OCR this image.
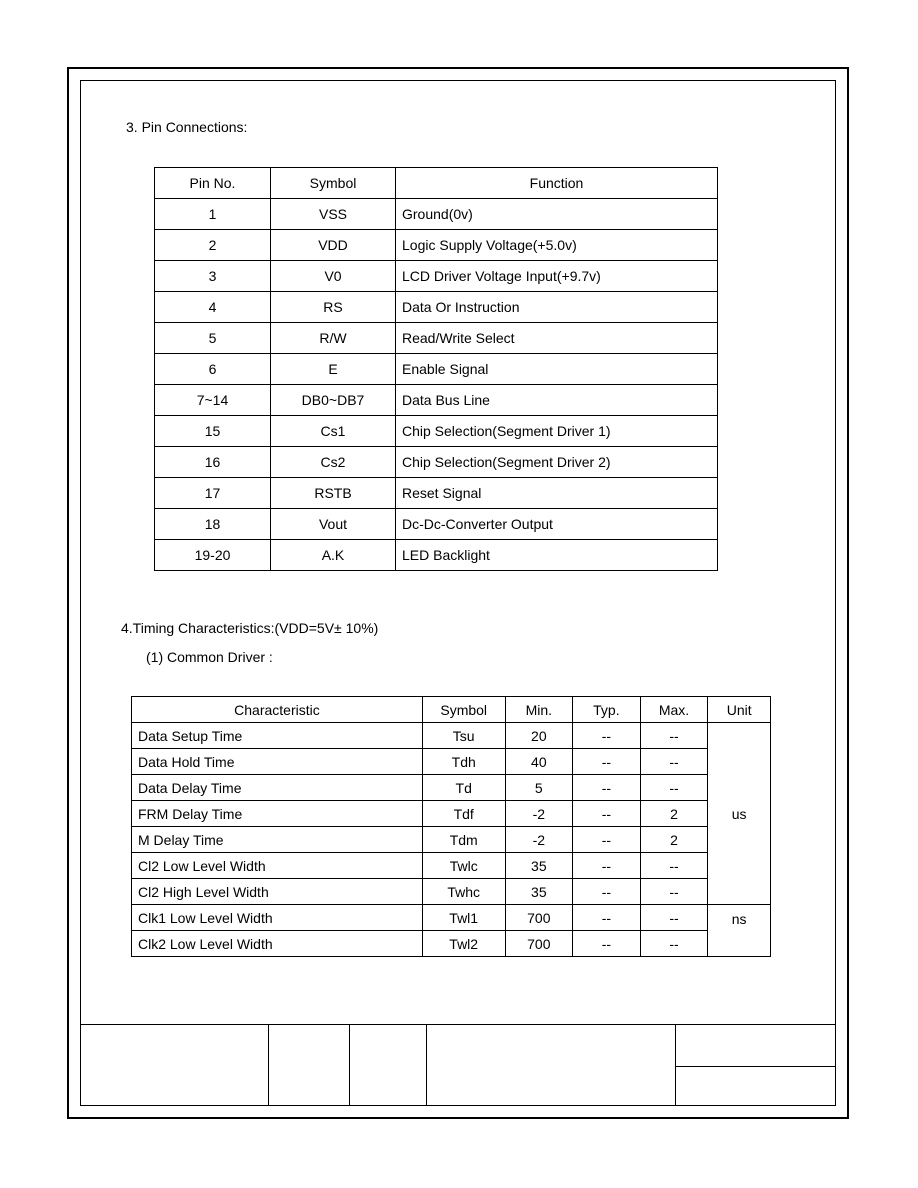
3. Pin Connections:
Pin No.	Symbol	Function
1	VSS	Ground(0v)
2	VDD	Logic Supply Voltage(+5.0v)
3	V0	LCD Driver Voltage Input(+9.7v)
4	RS	Data Or Instruction
5	R/W	Read/Write Select
6	E	Enable Signal
7~14	DB0~DB7	Data Bus Line
15	Cs1	Chip Selection(Segment Driver 1)
16	Cs2	Chip Selection(Segment Driver 2)
17	RSTB	Reset Signal
18	Vout	Dc-Dc-Converter Output
19-20	A.K	LED Backlight
4.Timing Characteristics:(VDD=5V± 10%)
(1) Common Driver :
Characteristic	Symbol	Min.	Typ.	Max.	Unit
Data Setup Time	Tsu	20	--	--	us
Data Hold Time	Tdh	40	--	--	
Data Delay Time	Td	5	--	--	
FRM Delay Time	Tdf	-2	--	2	
M Delay Time	Tdm	-2	--	2	
Cl2 Low Level Width	Twlc	35	--	--	
Cl2 High Level Width	Twhc	35	--	--	
Clk1 Low Level Width	Twl1	700	--	--	ns
Clk2 Low Level Width	Twl2	700	--	--	
